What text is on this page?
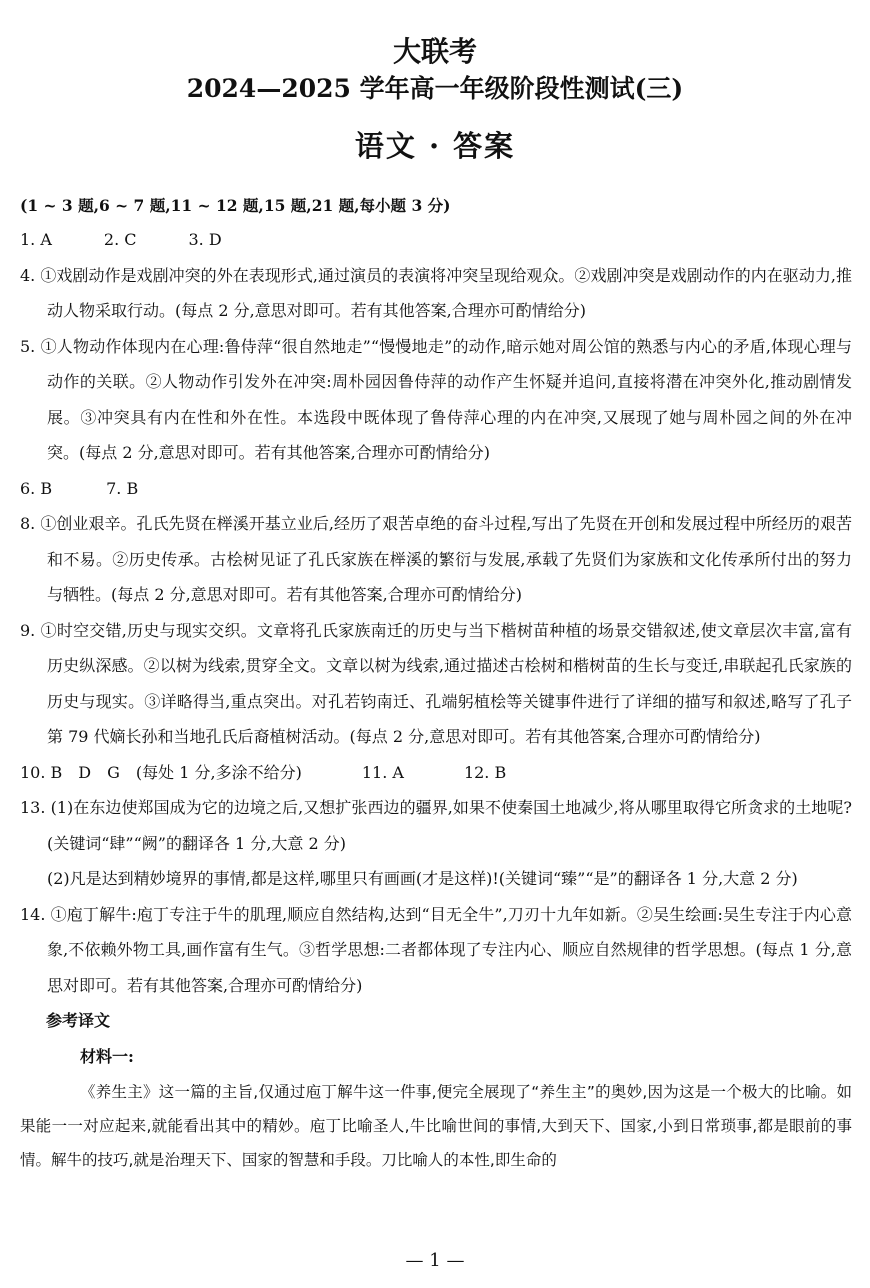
大联考
2024—2025 学年高一年级阶段性测试(三)
语文 · 答案
(1 ~ 3 题,6 ~ 7 题,11 ~ 12 题,15 题,21 题,每小题 3 分)
1. A	2. C	3. D
4. ①戏剧动作是戏剧冲突的外在表现形式,通过演员的表演将冲突呈现给观众。②戏剧冲突是戏剧动作的内在驱动力,推动人物采取行动。(每点 2 分,意思对即可。若有其他答案,合理亦可酌情给分)
5. ①人物动作体现内在心理:鲁侍萍“很自然地走”“慢慢地走”的动作,暗示她对周公馆的熟悉与内心的矛盾,体现心理与动作的关联。②人物动作引发外在冲突:周朴园因鲁侍萍的动作产生怀疑并追问,直接将潜在冲突外化,推动剧情发展。③冲突具有内在性和外在性。本选段中既体现了鲁侍萍心理的内在冲突,又展现了她与周朴园之间的外在冲突。(每点 2 分,意思对即可。若有其他答案,合理亦可酌情给分)
6. B	7. B
8. ①创业艰辛。孔氏先贤在榉溪开基立业后,经历了艰苦卓绝的奋斗过程,写出了先贤在开创和发展过程中所经历的艰苦和不易。②历史传承。古桧树见证了孔氏家族在榉溪的繁衍与发展,承载了先贤们为家族和文化传承所付出的努力与牺牲。(每点 2 分,意思对即可。若有其他答案,合理亦可酌情给分)
9. ①时空交错,历史与现实交织。文章将孔氏家族南迁的历史与当下楷树苗种植的场景交错叙述,使文章层次丰富,富有历史纵深感。②以树为线索,贯穿全文。文章以树为线索,通过描述古桧树和楷树苗的生长与变迁,串联起孔氏家族的历史与现实。③详略得当,重点突出。对孔若钧南迁、孔端躬植桧等关键事件进行了详细的描写和叙述,略写了孔子第 79 代嫡长孙和当地孔氏后裔植树活动。(每点 2 分,意思对即可。若有其他答案,合理亦可酌情给分)
10. B D G (每处 1 分,多涂不给分)	11. A	12. B
13. (1)在东边使郑国成为它的边境之后,又想扩张西边的疆界,如果不使秦国土地减少,将从哪里取得它所贪求的土地呢?(关键词“肆”“阙”的翻译各 1 分,大意 2 分)
(2)凡是达到精妙境界的事情,都是这样,哪里只有画画(才是这样)!(关键词“臻”“是”的翻译各 1 分,大意 2 分)
14. ①庖丁解牛:庖丁专注于牛的肌理,顺应自然结构,达到“目无全牛”,刀刃十九年如新。②吴生绘画:吴生专注于内心意象,不依赖外物工具,画作富有生气。③哲学思想:二者都体现了专注内心、顺应自然规律的哲学思想。(每点 1 分,意思对即可。若有其他答案,合理亦可酌情给分)
参考译文
材料一:
《养生主》这一篇的主旨,仅通过庖丁解牛这一件事,便完全展现了“养生主”的奥妙,因为这是一个极大的比喻。如果能一一对应起来,就能看出其中的精妙。庖丁比喻圣人,牛比喻世间的事情,大到天下、国家,小到日常琐事,都是眼前的事情。解牛的技巧,就是治理天下、国家的智慧和手段。刀比喻人的本性,即生命的
— 1 —
